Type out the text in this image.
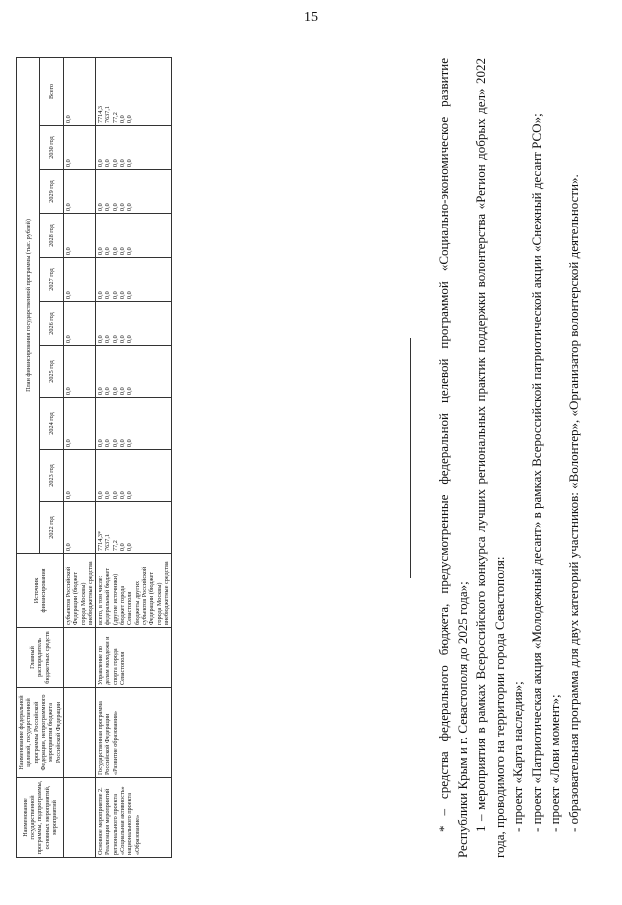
15
Наименование государственной программы, подпрограммы, основных мероприятий, мероприятий	Наименование федеральной целевой, государственной программы Российской Федерации, непрограммного мероприятия бюджета Российской Федерации	Главный распорядитель бюджетных средств	Источник финансирования	План финансирования государственной программы (тыс. рублей)									
				2022 год	2023 год	2024 год	2025 год	2026 год	2027 год	2028 год	2029 год	2030 год	Всего

			субъектов Российской Федерации (бюджет города Москвы) внебюджетные средства	0,0	0,0	0,0	0,0	0,0	0,0	0,0	0,0	0,0	0,0

Основное мероприятие 2. Реализация мероприятий регионального проекта «Социальная активность» национального проекта «Образование»	Государственная программа Российской Федерации «Развитие образования»	Управление по делам молодежи и спорта города Севастополя	всего, в том числе: федеральный бюджет (другие источники) бюджет города Севастополя бюджеты других субъектов Российской Федерации (бюджет города Москвы) внебюджетные средства	7714,3* 7637,1 77,2 0,0 0,0	0,0 0,0 0,0 0,0 0,0	0,0 0,0 0,0 0,0 0,0	0,0 0,0 0,0 0,0 0,0	0,0 0,0 0,0 0,0 0,0	0,0 0,0 0,0 0,0 0,0	0,0 0,0 0,0 0,0 0,0	0,0 0,0 0,0 0,0 0,0	0,0 0,0 0,0 0,0 0,0	7714,3 7637,1 77,2 0,0 0,0	* – средства федерального бюджета, предусмотренные федеральной целевой программой «Социально-экономическое развитие Республики Крым и г. Севастополя до 2025 года»; 1 – мероприятия в рамках Всероссийского конкурса лучших региональных практик поддержки волонтерства «Регион добрых дел» 2022 года, проводимого на территории города Севастополя: - проект «Карта наследия»; - проект «Патриотическая акция «Молодежный десант» в рамках Всероссийской патриотической акции «Снежный десант РСО»; - проект «Лови момент»; - образовательная программа для двух категорий участников: «Волонтер», «Организатор волонтерской деятельности».
